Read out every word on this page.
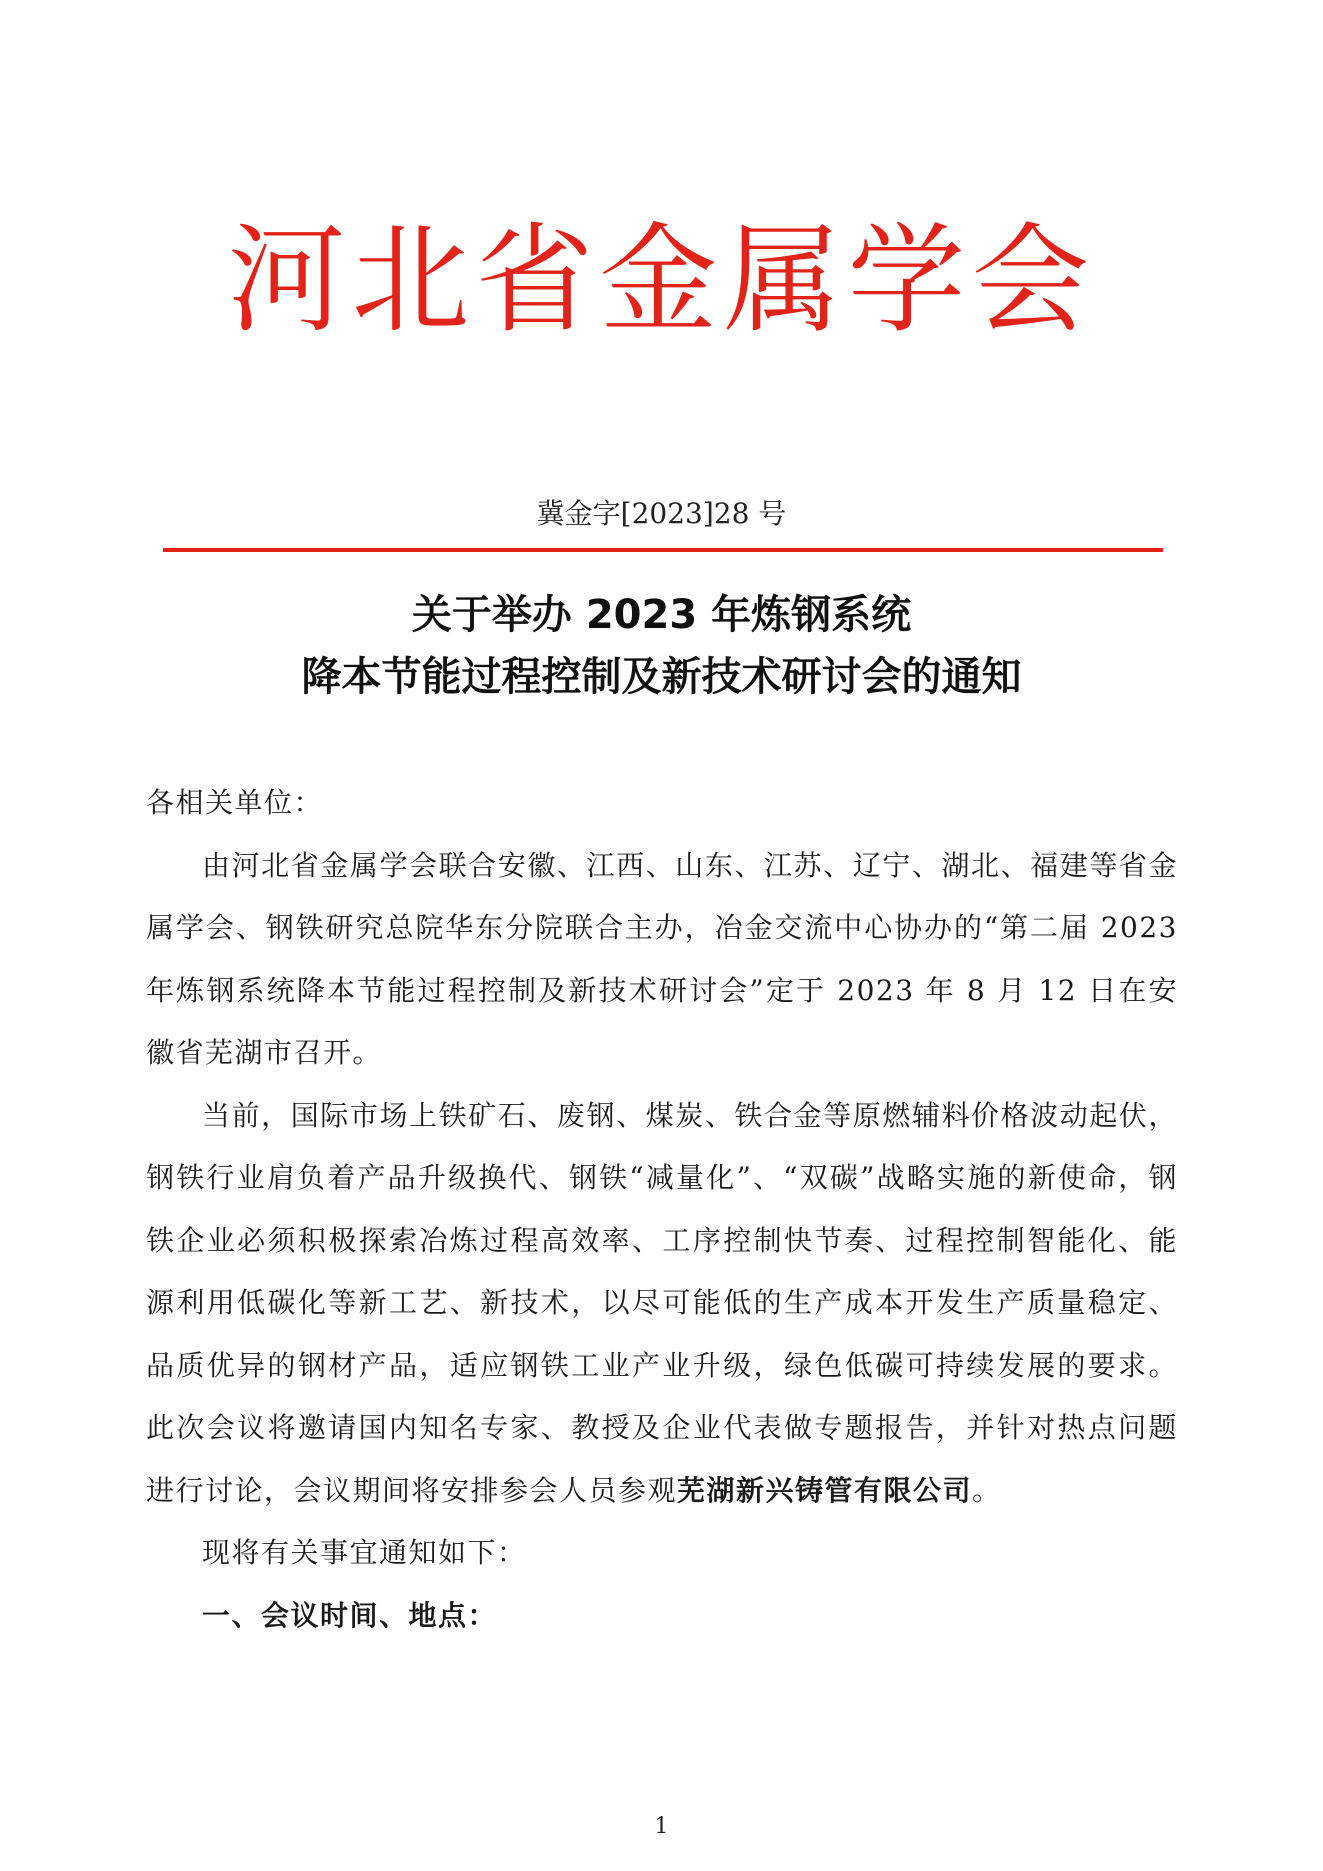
河北省金属学会
冀金字[2023]28 号
关于举办 2023 年炼钢系统
降本节能过程控制及新技术研讨会的通知

各相关单位：

由河北省金属学会联合安徽、江西、山东、江苏、辽宁、湖北、福建等省金属学会、钢铁研究总院华东分院联合主办，冶金交流中心协办的“第二届 2023 年炼钢系统降本节能过程控制及新技术研讨会”定于 2023 年 8 月 12 日在安徽省芜湖市召开。

当前，国际市场上铁矿石、废钢、煤炭、铁合金等原燃辅料价格波动起伏，钢铁行业肩负着产品升级换代、钢铁“减量化”、“双碳”战略实施的新使命，钢铁企业必须积极探索冶炼过程高效率、工序控制快节奏、过程控制智能化、能源利用低碳化等新工艺、新技术，以尽可能低的生产成本开发生产质量稳定、品质优异的钢材产品，适应钢铁工业产业升级，绿色低碳可持续发展的要求。此次会议将邀请国内知名专家、教授及企业代表做专题报告，并针对热点问题进行讨论，会议期间将安排参会人员参观芜湖新兴铸管有限公司。

现将有关事宜通知如下：

一、会议时间、地点：

1
